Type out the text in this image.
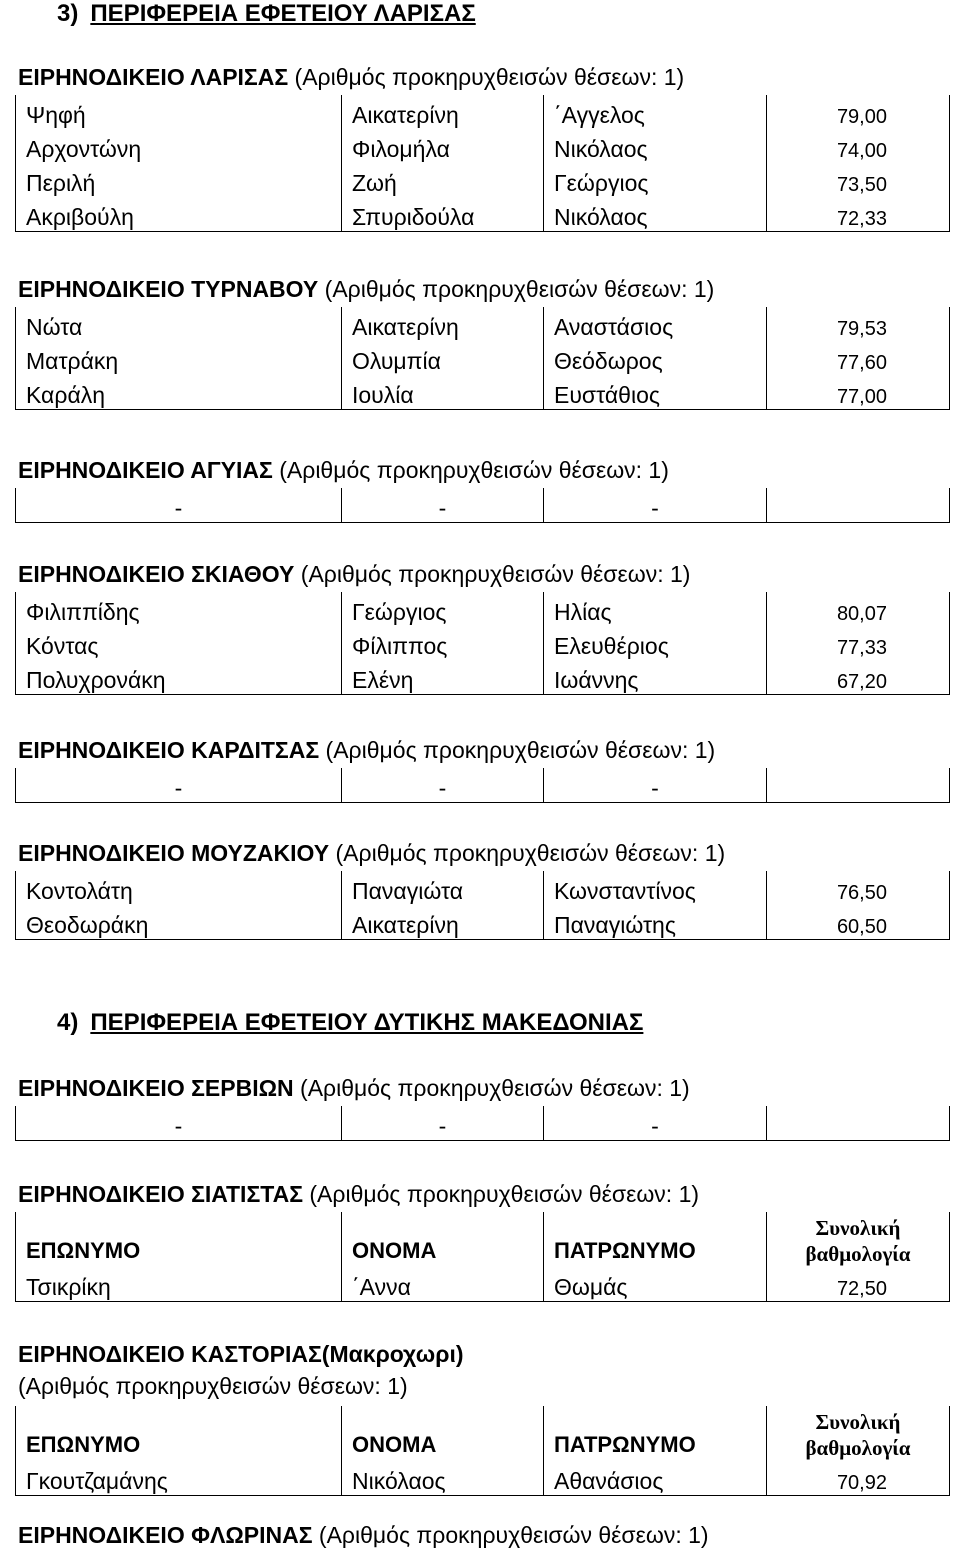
3) ΠΕΡΙΦΕΡΕΙΑ ΕΦΕΤΕΙΟΥ ΛΑΡΙΣΑΣ
4) ΠΕΡΙΦΕΡΕΙΑ ΕΦΕΤΕΙΟΥ ΔΥΤΙΚΗΣ ΜΑΚΕΔΟΝΙΑΣ
ΕΙΡΗΝΟΔΙΚΕΙΟ ΛΑΡΙΣΑΣ (Αριθμός προκηρυχθεισών θέσεων: 1)
Ψηφή	Αικατερίνη	΄Αγγελος	79,00
Αρχοντώνη	Φιλομήλα	Νικόλαος	74,00
Περιλή	Ζωή	Γεώργιος	73,50
Ακριβούλη	Σπυριδούλα	Νικόλαος	72,33
ΕΙΡΗΝΟΔΙΚΕΙΟ ΤΥΡΝΑΒΟΥ (Αριθμός προκηρυχθεισών θέσεων: 1)
Νώτα	Αικατερίνη	Αναστάσιος	79,53
Ματράκη	Ολυμπία	Θεόδωρος	77,60
Καράλη	Ιουλία	Ευστάθιος	77,00
ΕΙΡΗΝΟΔΙΚΕΙΟ ΑΓΥΙΑΣ (Αριθμός προκηρυχθεισών θέσεων: 1)
-	-	-	
ΕΙΡΗΝΟΔΙΚΕΙΟ ΣΚΙΑΘΟΥ (Αριθμός προκηρυχθεισών θέσεων: 1)
Φιλιππίδης	Γεώργιος	Ηλίας	80,07
Κόντας	Φίλιππος	Ελευθέριος	77,33
Πολυχρονάκη	Ελένη	Ιωάννης	67,20
ΕΙΡΗΝΟΔΙΚΕΙΟ ΚΑΡΔΙΤΣΑΣ (Αριθμός προκηρυχθεισών θέσεων: 1)
-	-	-	
ΕΙΡΗΝΟΔΙΚΕΙΟ ΜΟΥΖΑΚΙΟΥ (Αριθμός προκηρυχθεισών θέσεων: 1)
Κοντολάτη	Παναγιώτα	Κωνσταντίνος	76,50
Θεοδωράκη	Αικατερίνη	Παναγιώτης	60,50
ΕΙΡΗΝΟΔΙΚΕΙΟ ΣΕΡΒΙΩΝ (Αριθμός προκηρυχθεισών θέσεων: 1)
-	-	-	
ΕΙΡΗΝΟΔΙΚΕΙΟ ΣΙΑΤΙΣΤΑΣ (Αριθμός προκηρυχθεισών θέσεων: 1)
ΕΠΩΝΥΜΟ	ΟΝΟΜΑ	ΠΑΤΡΩΝΥΜΟ	Συνολική
βαθμολογία

Τσικρίκη	΄Αννα	Θωμάς	72,50
ΕΙΡΗΝΟΔΙΚΕΙΟ ΚΑΣΤΟΡΙΑΣ(Μακροχωρι)
(Αριθμός προκηρυχθεισών θέσεων: 1)
ΕΠΩΝΥΜΟ	ΟΝΟΜΑ	ΠΑΤΡΩΝΥΜΟ	Συνολική
βαθμολογία

Γκουτζαμάνης	Νικόλαος	Αθανάσιος	70,92
ΕΙΡΗΝΟΔΙΚΕΙΟ ΦΛΩΡΙΝΑΣ (Αριθμός προκηρυχθεισών θέσεων: 1)
